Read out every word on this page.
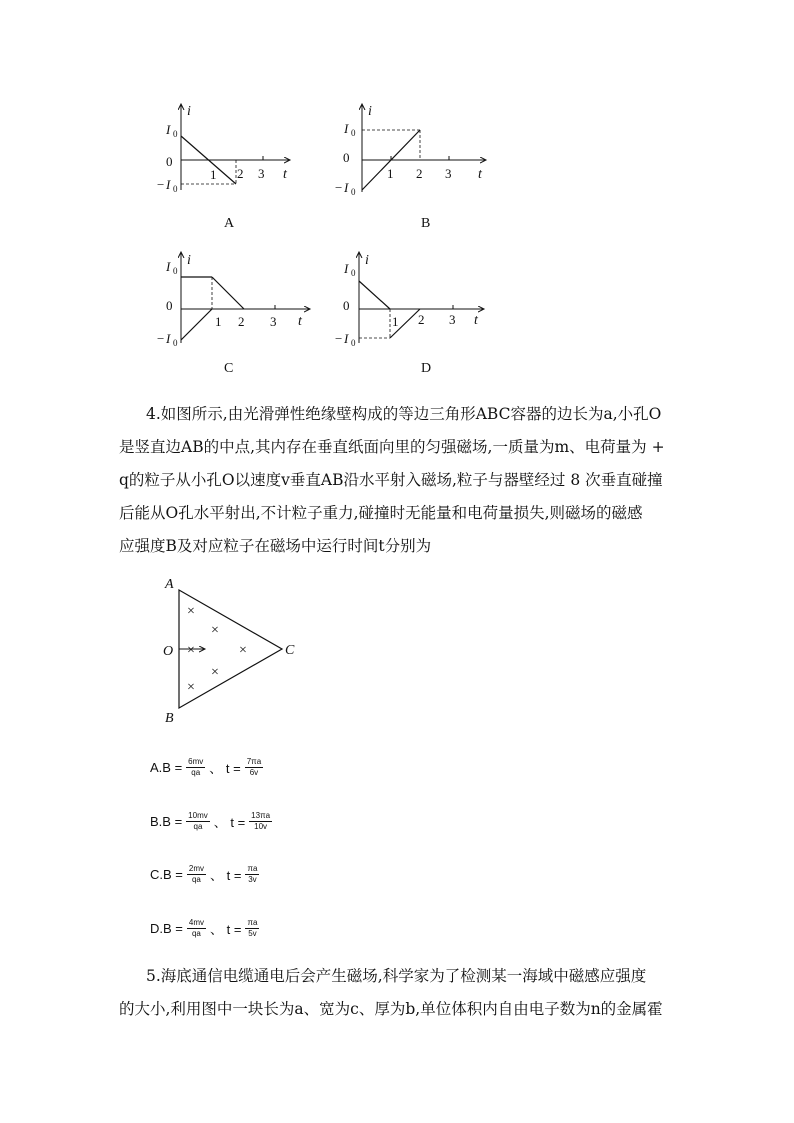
i
t
I 0
0
− I 0
1 2 3
i
t
I 0
0
− I 0
1 2 3
i
t
I 0
0
− I 0
1 2 3
i
t
I 0
0
− I 0
1 2 3
A	B
C	D

4.如图所示,由光滑弹性绝缘壁构成的等边三角形ABC容器的边长为a,小孔O

是竖直边AB的中点,其内存在垂直纸面向里的匀强磁场,一质量为m、电荷量为 +

q的粒子从小孔O以速度v垂直AB沿水平射入磁场,粒子与器壁经过 8 次垂直碰撞

后能从O孔水平射出,不计粒子重力,碰撞时无能量和电荷量损失,则磁场的磁感

应强度B及对应粒子在磁场中运行时间t分别为

A
B
C
O
×
×
×	×
×
×
$A.B = \frac{6mv}{qa}$ 、 $t = \frac{7\pi a}{6v}$
$B.B = \frac{10mv}{qa}$ 、 $t = \frac{13\pi a}{10v}$
$C.B = \frac{2mv}{qa}$ 、 $t = \frac{\pi a}{3v}$
$D.B = \frac{4mv}{qa}$ 、 $t = \frac{\pi a}{5v}$

5.海底通信电缆通电后会产生磁场,科学家为了检测某一海域中磁感应强度

的大小,利用图中一块长为a、宽为c、厚为b,单位体积内自由电子数为n的金属霍
